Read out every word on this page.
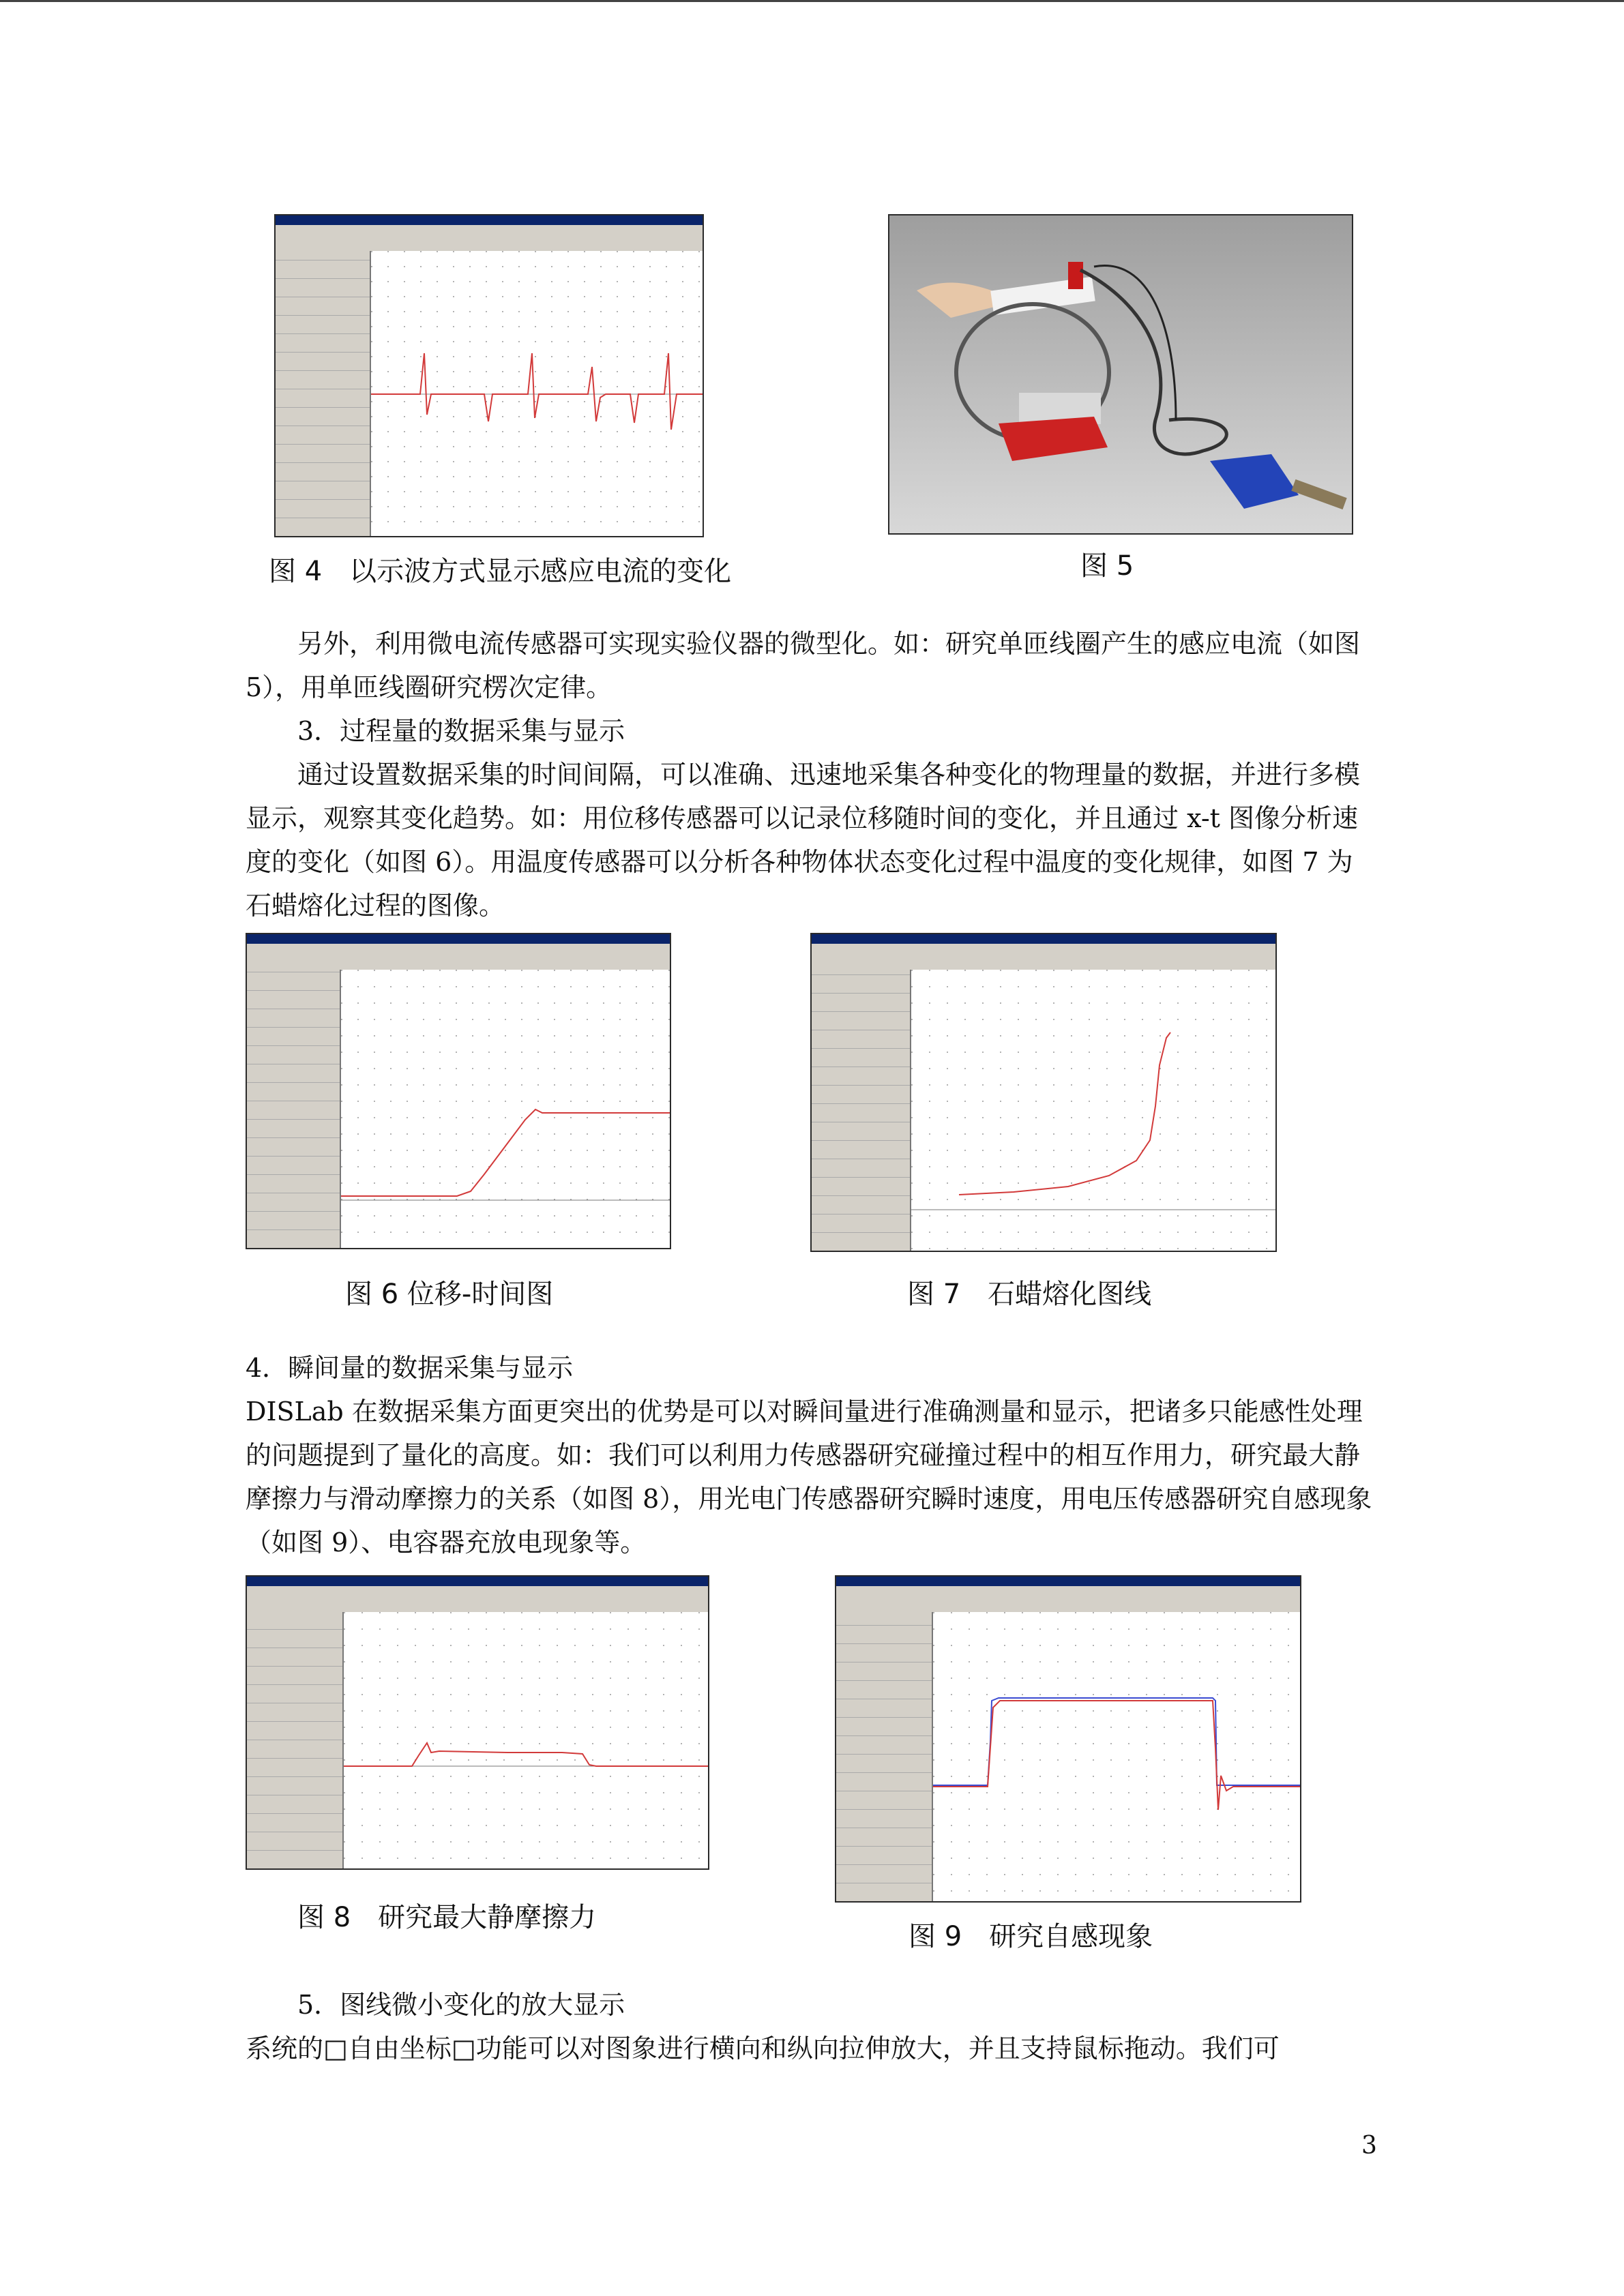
图 4　以示波方式显示感应电流的变化	图 5
另外，利用微电流传感器可实现实验仪器的微型化。如：研究单匝线圈产生的感应电流（如图 5），用单匝线圈研究楞次定律。
3．过程量的数据采集与显示
通过设置数据采集的时间间隔，可以准确、迅速地采集各种变化的物理量的数据，并进行多模显示，观察其变化趋势。如：用位移传感器可以记录位移随时间的变化，并且通过 x-t 图像分析速度的变化（如图 6）。用温度传感器可以分析各种物体状态变化过程中温度的变化规律，如图 7 为石蜡熔化过程的图像。
图 6 位移-时间图	图 7　石蜡熔化图线
4．瞬间量的数据采集与显示
DISLab 在数据采集方面更突出的优势是可以对瞬间量进行准确测量和显示，把诸多只能感性处理的问题提到了量化的高度。如：我们可以利用力传感器研究碰撞过程中的相互作用力，研究最大静摩擦力与滑动摩擦力的关系（如图 8），用光电门传感器研究瞬时速度，用电压传感器研究自感现象（如图 9）、电容器充放电现象等。
图 8　研究最大静摩擦力
图 9　研究自感现象
5．图线微小变化的放大显示
系统的□自由坐标□功能可以对图象进行横向和纵向拉伸放大，并且支持鼠标拖动。我们可
3
